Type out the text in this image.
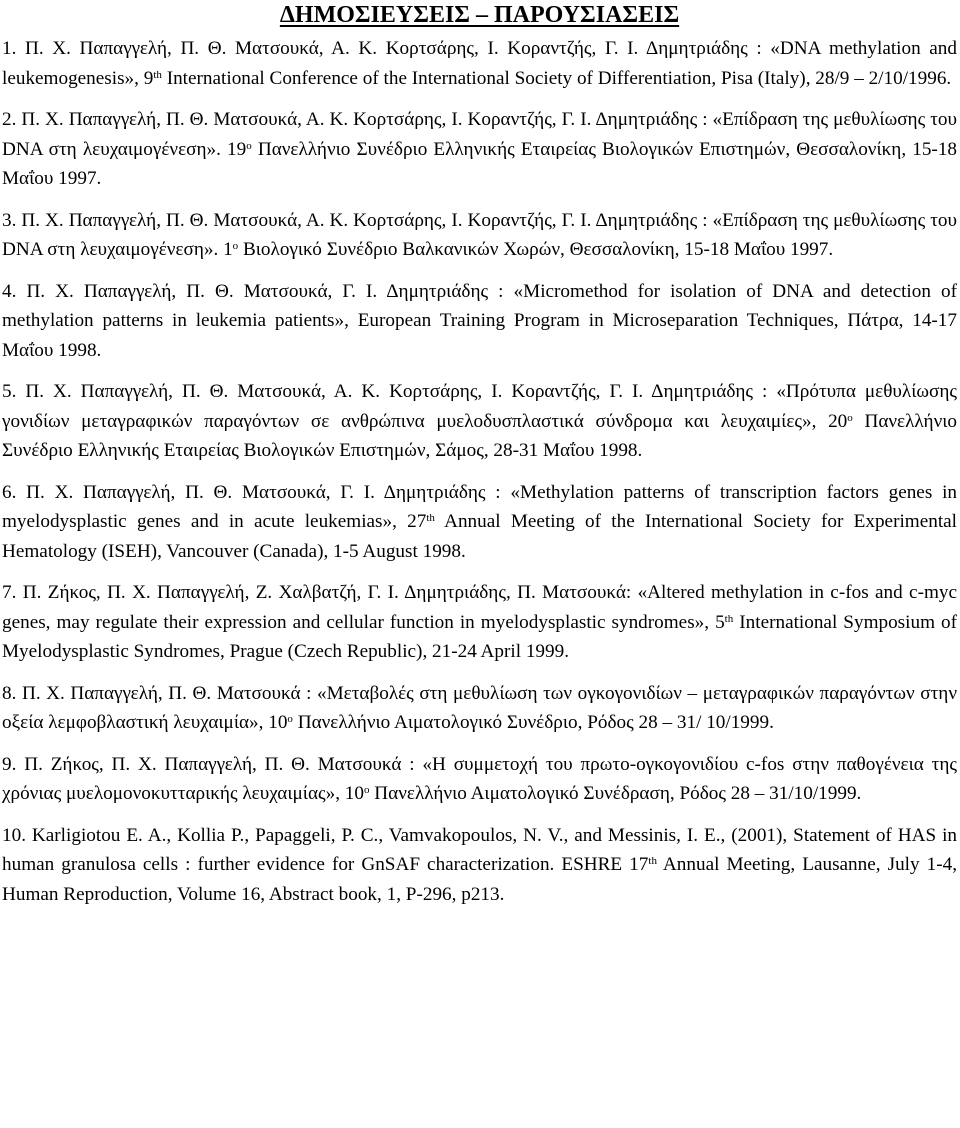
ΔΗΜΟΣΙΕΥΣΕΙΣ – ΠΑΡΟΥΣΙΑΣΕΙΣ

1. Π. Χ. Παπαγγελή, Π. Θ. Ματσουκά, Α. Κ. Κορτσάρης, Ι. Κοραντζής, Γ. Ι. Δημητριάδης : «DNA methylation and leukemogenesis», 9th International Conference of the International Society of Differentiation, Pisa (Italy), 28/9 – 2/10/1996.

2. Π. Χ. Παπαγγελή, Π. Θ. Ματσουκά, Α. Κ. Κορτσάρης, Ι. Κοραντζής, Γ. Ι. Δημητριάδης : «Επίδραση της μεθυλίωσης του DNA στη λευχαιμογένεση». 19$^o$ Πανελλήνιο Συνέδριο Ελληνικής Εταιρείας Βιολογικών Επιστημών, Θεσσαλονίκη, 15-18 Μαΐου 1997.

3. Π. Χ. Παπαγγελή, Π. Θ. Ματσουκά, Α. Κ. Κορτσάρης, Ι. Κοραντζής, Γ. Ι. Δημητριάδης : «Επίδραση της μεθυλίωσης του DNA στη λευχαιμογένεση». 1$^o$ Βιολογικό Συνέδριο Βαλκανικών Χωρών, Θεσσαλονίκη, 15-18 Μαΐου 1997.

4. Π. Χ. Παπαγγελή, Π. Θ. Ματσουκά, Γ. Ι. Δημητριάδης : «Micromethod for isolation of DNA and detection of methylation patterns in leukemia patients», European Training Program in Microseparation Techniques, Πάτρα, 14-17 Μαΐου 1998.

5. Π. Χ. Παπαγγελή, Π. Θ. Ματσουκά, Α. Κ. Κορτσάρης, Ι. Κοραντζής, Γ. Ι. Δημητριάδης : «Πρότυπα μεθυλίωσης γονιδίων μεταγραφικών παραγόντων σε ανθρώπινα μυελοδυσπλαστικά σύνδρομα και λευχαιμίες», 20$^o$ Πανελλήνιο Συνέδριο Ελληνικής Εταιρείας Βιολογικών Επιστημών, Σάμος, 28-31 Μαΐου 1998.

6. Π. Χ. Παπαγγελή, Π. Θ. Ματσουκά, Γ. Ι. Δημητριάδης : «Methylation patterns of transcription factors genes in myelodysplastic genes and in acute leukemias», 27th Annual Meeting of the International Society for Experimental Hematology (ISEH), Vancouver (Canada), 1-5 August 1998.

7. Π. Ζήκος, Π. Χ. Παπαγγελή, Ζ. Χαλβατζή, Γ. Ι. Δημητριάδης, Π. Ματσουκά: «Altered methylation in c-fos and c-myc genes, may regulate their expression and cellular function in myelodysplastic syndromes», 5th International Symposium of Myelodysplastic Syndromes, Prague (Czech Republic), 21-24 April 1999.

8. Π. Χ. Παπαγγελή, Π. Θ. Ματσουκά : «Μεταβολές στη μεθυλίωση των ογκογονιδίων – μεταγραφικών παραγόντων στην οξεία λεμφοβλαστική λευχαιμία», 10$^o$ Πανελλήνιο Αιματολογικό Συνέδριο, Ρόδος 28 – 31/ 10/1999.

9. Π. Ζήκος, Π. Χ. Παπαγγελή, Π. Θ. Ματσουκά : «Η συμμετοχή του πρωτο-ογκογονιδίου c-fos στην παθογένεια της χρόνιας μυελομονοκυτταρικής λευχαιμίας», 10$^o$ Πανελλήνιο Αιματολογικό Συνέδραση, Ρόδος 28 – 31/10/1999.

10. Karligiotou E. A., Kollia P., Papaggeli, P. C., Vamvakopoulos, N. V., and Messinis, I. E., (2001), Statement of HAS in human granulosa cells : further evidence for GnSAF characterization. ESHRE 17th Annual Meeting, Lausanne, July 1-4, Human Reproduction, Volume 16, Abstract book, 1, P-296, p213.
